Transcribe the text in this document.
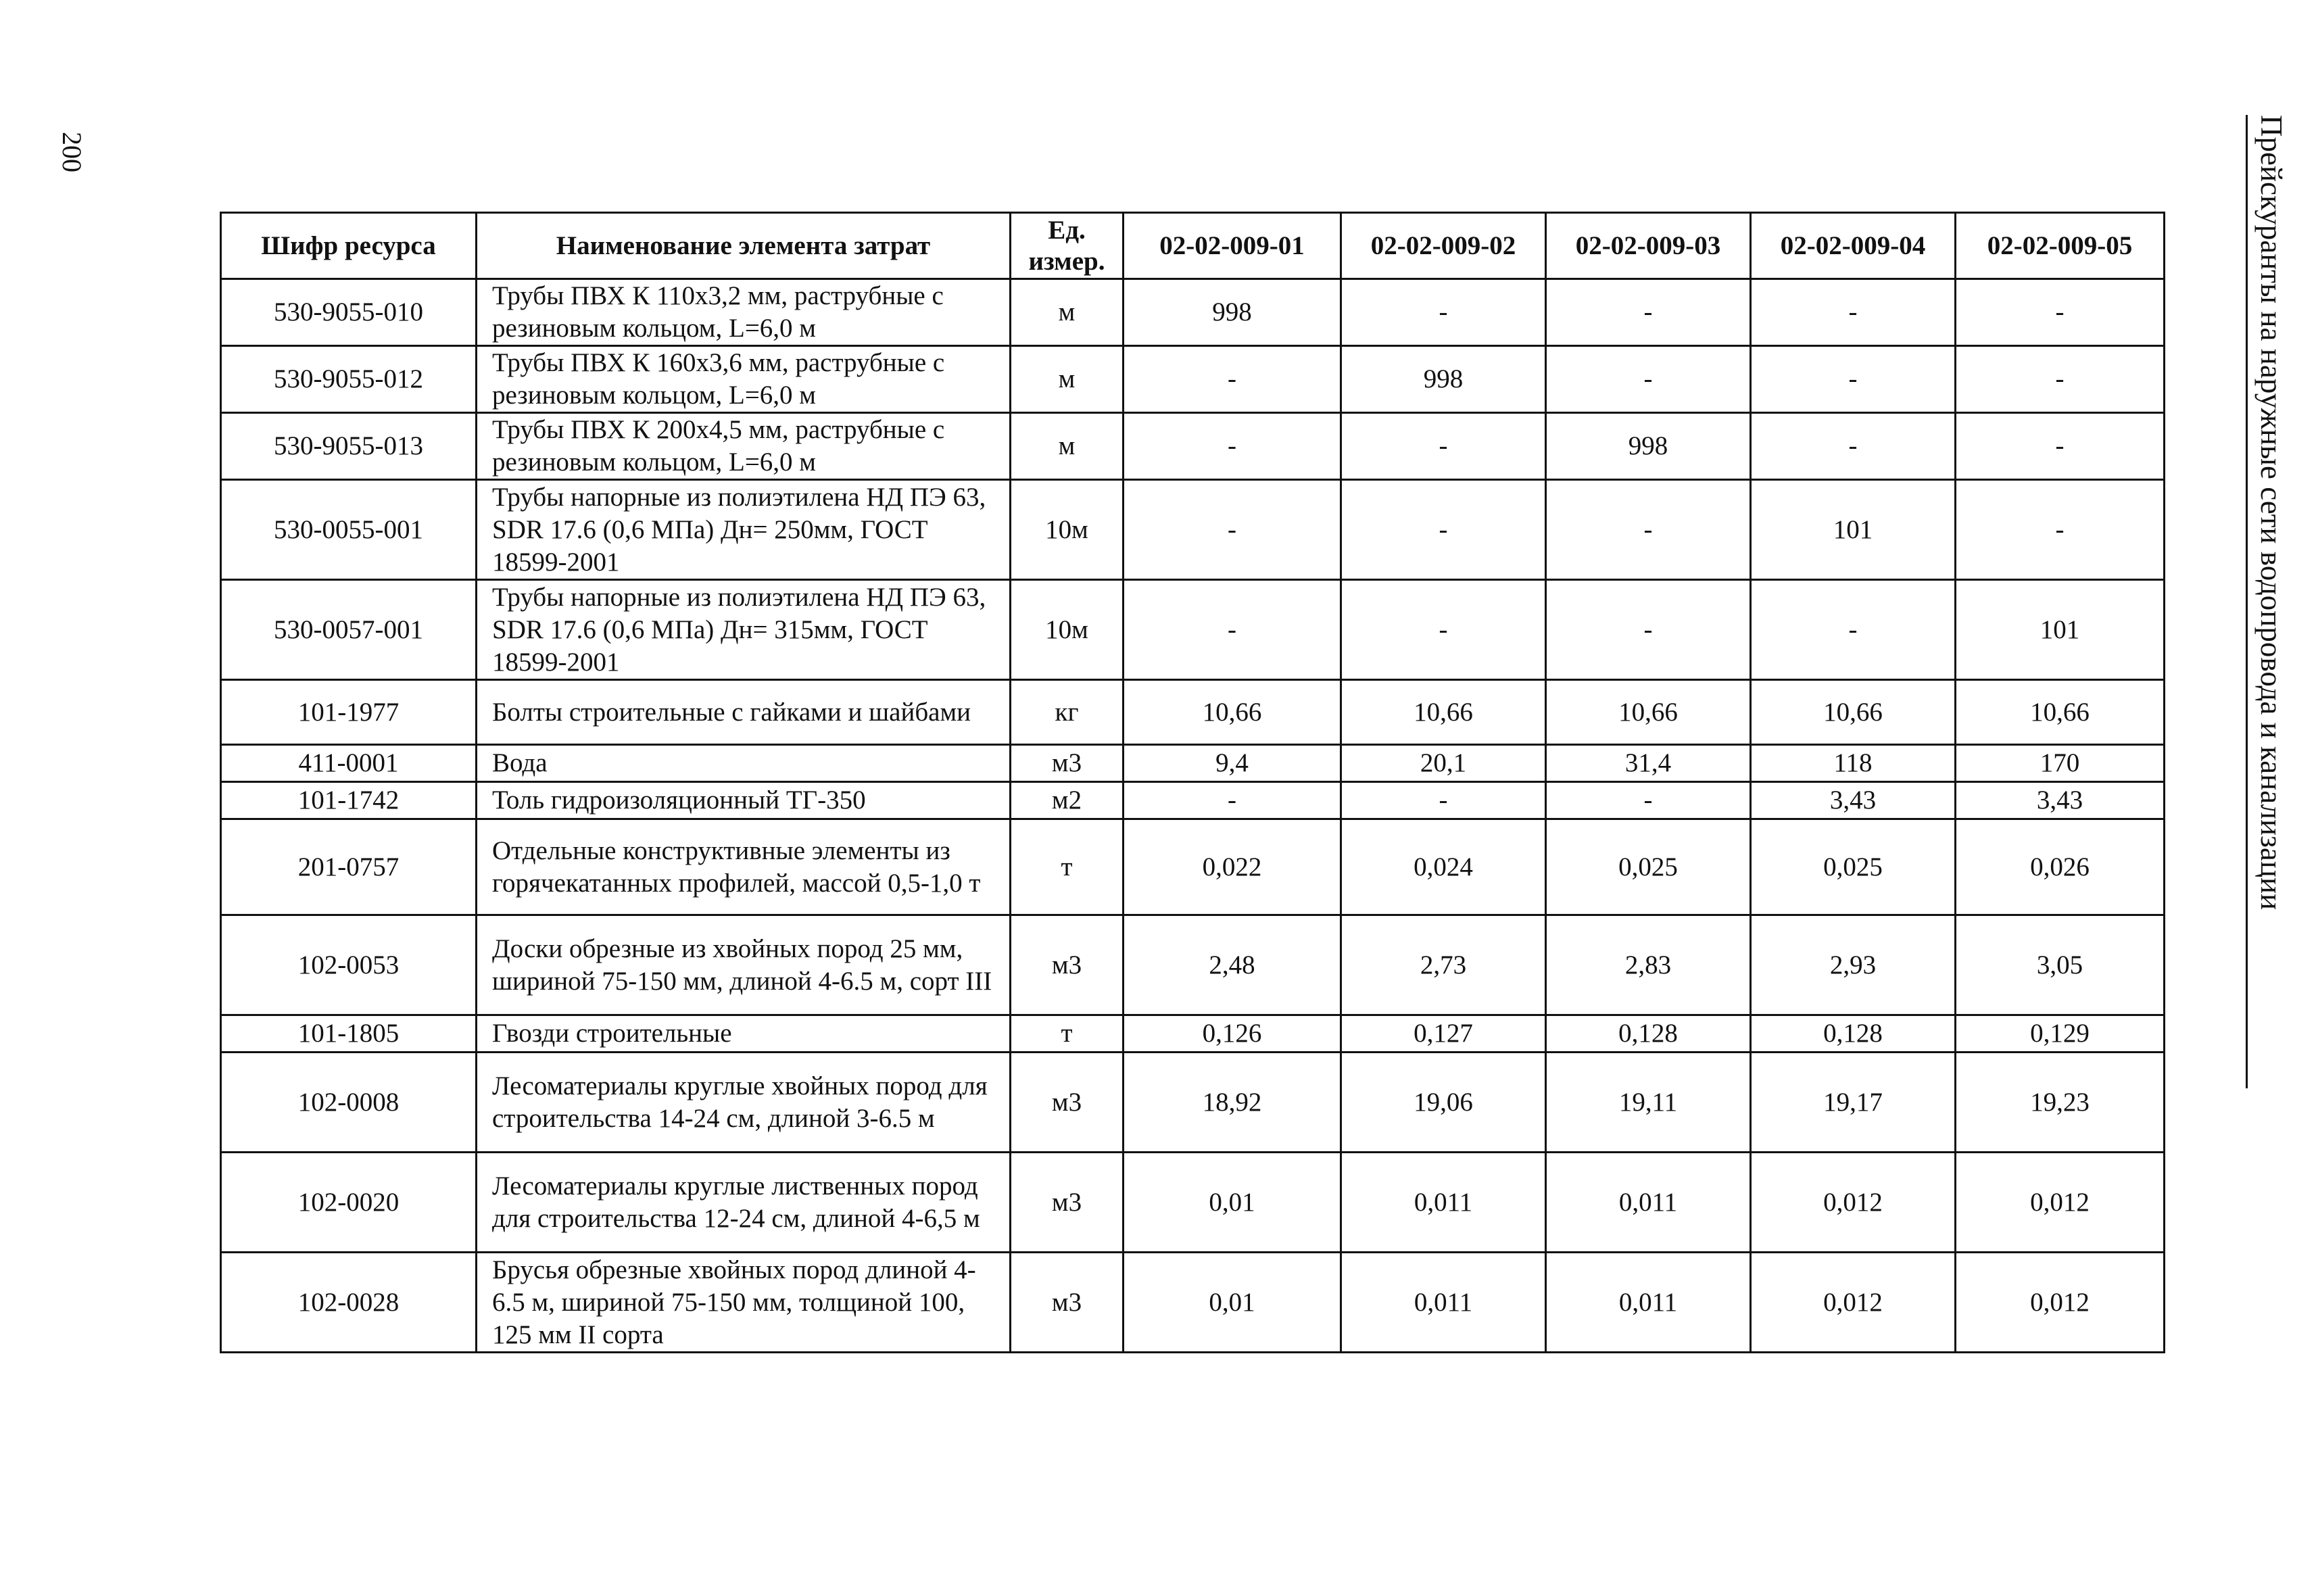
200	Прейскуранты на наружные сети водопровода и канализации
Шифр ресурса	Наименование элемента затрат	Ед. измер.	02-02-009-01	02-02-009-02	02-02-009-03	02-02-009-04	02-02-009-05
530-9055-010	Трубы ПВХ К 110х3,2 мм, раструбные с резиновым кольцом, L=6,0 м	м	998	-	-	-	-
530-9055-012	Трубы ПВХ К 160х3,6 мм, раструбные с резиновым кольцом, L=6,0 м	м	-	998	-	-	-
530-9055-013	Трубы ПВХ К 200х4,5 мм, раструбные с резиновым кольцом, L=6,0 м	м	-	-	998	-	-
530-0055-001	Трубы напорные из полиэтилена НД ПЭ 63, SDR 17.6 (0,6 МПа) Дн= 250мм, ГОСТ 18599-2001	10м	-	-	-	101	-
530-0057-001	Трубы напорные из полиэтилена НД ПЭ 63, SDR 17.6 (0,6 МПа) Дн= 315мм, ГОСТ 18599-2001	10м	-	-	-	-	101
101-1977	Болты строительные с гайками и шайбами	кг	10,66	10,66	10,66	10,66	10,66
411-0001	Вода	м3	9,4	20,1	31,4	118	170
101-1742	Толь гидроизоляционный ТГ-350	м2	-	-	-	3,43	3,43
201-0757	Отдельные конструктивные элементы из горячекатанных профилей, массой 0,5-1,0 т	т	0,022	0,024	0,025	0,025	0,026
102-0053	Доски обрезные из хвойных пород 25 мм, шириной 75-150 мм, длиной 4-6.5 м, сорт III	м3	2,48	2,73	2,83	2,93	3,05
101-1805	Гвозди строительные	т	0,126	0,127	0,128	0,128	0,129
102-0008	Лесоматериалы круглые хвойных пород для строительства 14-24 см, длиной 3-6.5 м	м3	18,92	19,06	19,11	19,17	19,23
102-0020	Лесоматериалы круглые лиственных пород для строительства 12-24 см, длиной 4-6,5 м	м3	0,01	0,011	0,011	0,012	0,012
102-0028	Брусья обрезные хвойных пород длиной 4-6.5 м, шириной 75-150 мм, толщиной 100, 125 мм II сорта	м3	0,01	0,011	0,011	0,012	0,012
